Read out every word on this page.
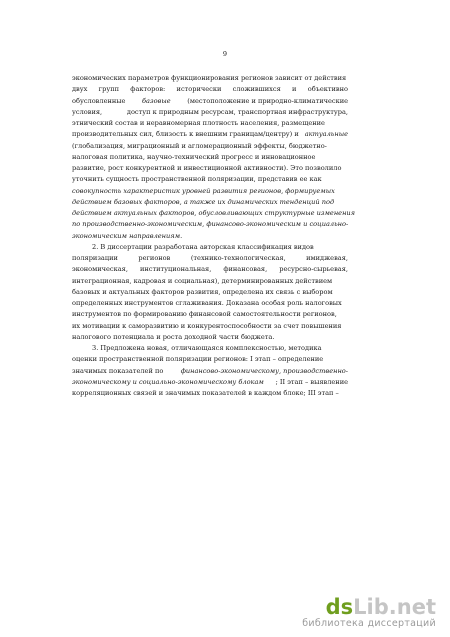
9
экономических параметров функционирования регионов зависит от действия
двух групп факторов: исторически сложившихся и объективно
обусловленные	базовые	(местоположение и природно-климатические
условия,	доступ к природным ресурсам, транспортная инфраструктура,
этнический состав и неравномерная плотность населения, размещение
производительных сил, близость к внешним границам/центру) и актуальные
(глобализация, миграционный и агломерационный эффекты, бюджетно-
налоговая политика, научно-технический прогресс и инновационное
развитие, рост конкурентной и инвестиционной активности). Это позволило
уточнить сущность пространственной поляризации, представив ее как
совокупность характеристик уровней развития регионов, формируемых
действием базовых факторов, а также их динамических тенденций под
действием актуальных факторов, обусловливающих структурные изменения
по производственно-экономическим, финансово-экономическим и социально-
экономическим направлениям.
2. В диссертации разработана авторская классификация видов
поляризации	регионов	(технико-технологическая,	имиджевая,
экономическая, институциональная, финансовая, ресурсно-сырьевая,
интеграционная, кадровая и социальная), детерминированных действием
базовых и актуальных факторов развития, определена их связь с выбором
определенных инструментов сглаживания. Доказана особая роль налоговых
инструментов по формированию финансовой самостоятельности регионов,
их мотивации к саморазвитию и конкурентоспособности за счет повышения
налогового потенциала и роста доходной части бюджета.
3. Предложена новая, отличающаяся комплексностью, методика
оценки пространственной поляризации регионов: I этап – определение
значимых показателей по	финансово-экономическому, производственно-
экономическому и социально-экономическому блокам ; II этап – выявление
корреляционных связей и значимых показателей в каждом блоке; III этап –
dsLib.net
библиотека диссертаций
